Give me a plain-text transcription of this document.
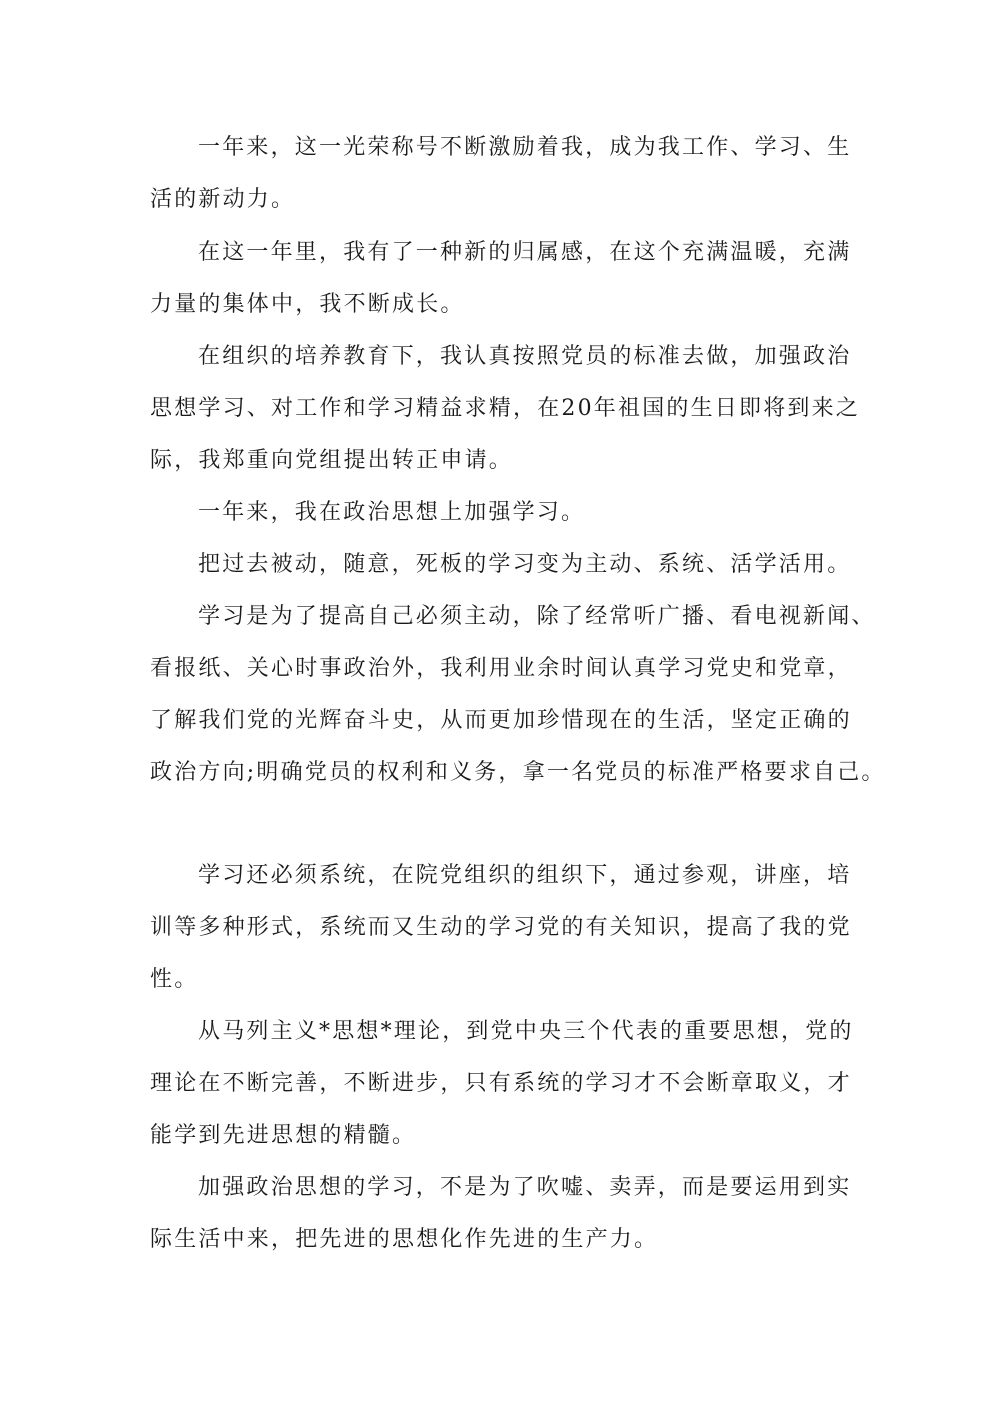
一年来，这一光荣称号不断激励着我，成为我工作、学习、生

活的新动力。

在这一年里，我有了一种新的归属感，在这个充满温暖，充满

力量的集体中，我不断成长。

在组织的培养教育下，我认真按照党员的标准去做，加强政治

思想学习、对工作和学习精益求精，在20年祖国的生日即将到来之

际，我郑重向党组提出转正申请。

一年来，我在政治思想上加强学习。

把过去被动，随意，死板的学习变为主动、系统、活学活用。

学习是为了提高自己必须主动，除了经常听广播、看电视新闻、

看报纸、关心时事政治外，我利用业余时间认真学习党史和党章，

了解我们党的光辉奋斗史，从而更加珍惜现在的生活，坚定正确的

政治方向;明确党员的权利和义务，拿一名党员的标准严格要求自己。

学习还必须系统，在院党组织的组织下，通过参观，讲座，培

训等多种形式，系统而又生动的学习党的有关知识，提高了我的党

性。

从马列主义*思想*理论，到党中央三个代表的重要思想，党的

理论在不断完善，不断进步，只有系统的学习才不会断章取义，才

能学到先进思想的精髓。

加强政治思想的学习，不是为了吹嘘、卖弄，而是要运用到实

际生活中来，把先进的思想化作先进的生产力。
